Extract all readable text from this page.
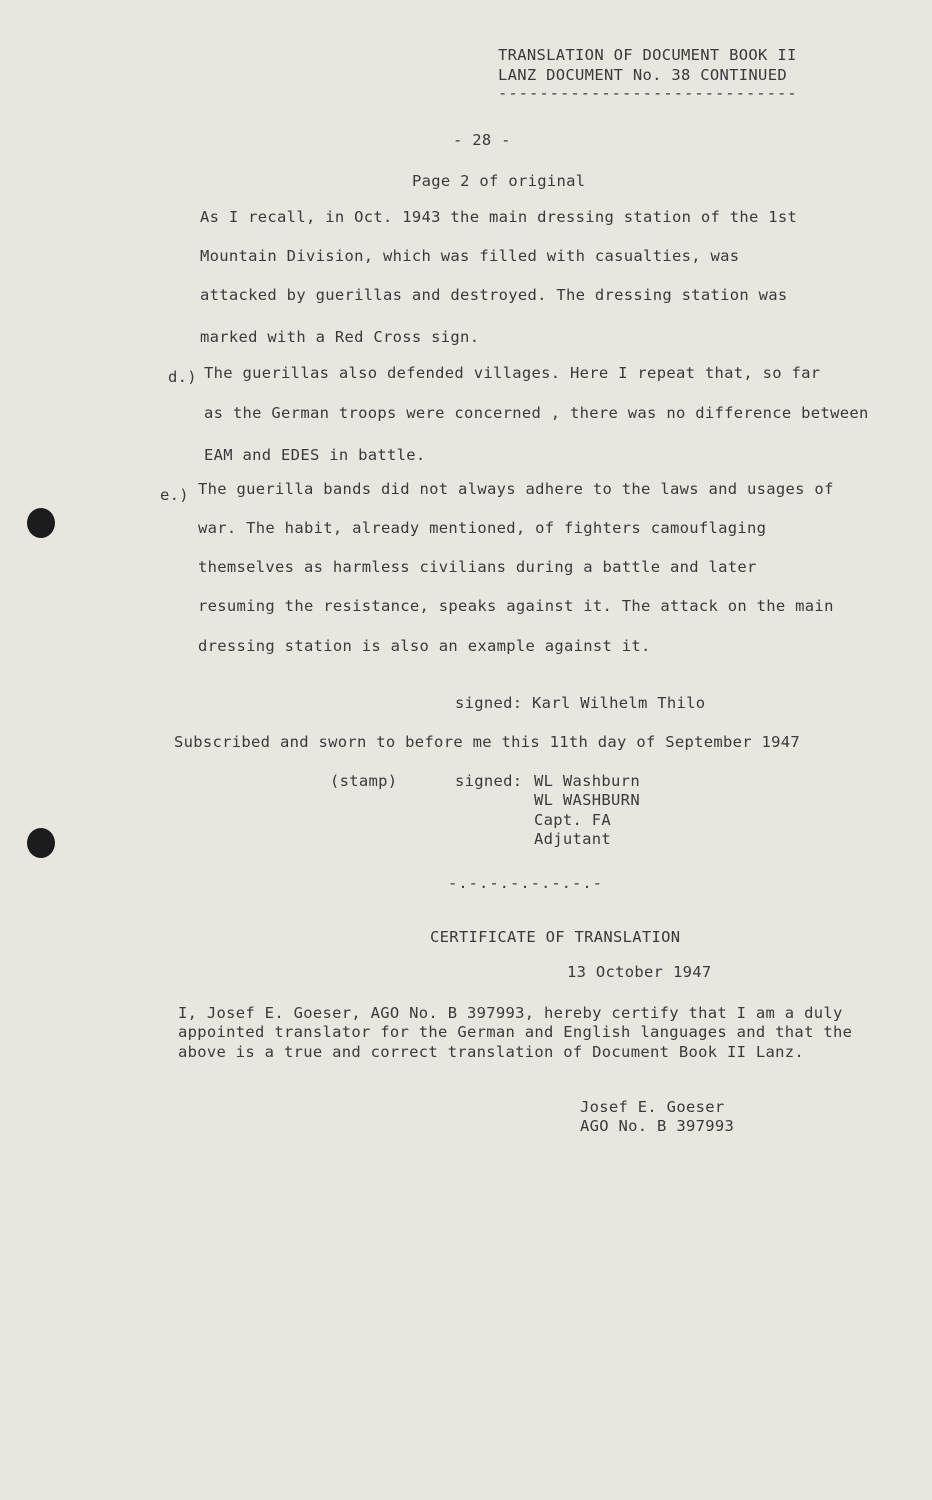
TRANSLATION OF DOCUMENT BOOK II
LANZ DOCUMENT No. 38 CONTINUED
-----------------------------
- 28 -
Page 2 of original
As I recall, in Oct. 1943 the main dressing station of the 1st
Mountain Division, which was filled with casualties, was
attacked by guerillas and destroyed. The dressing station was
marked with a Red Cross sign.
d.) The guerillas also defended villages. Here I repeat that, so far
as the German troops were concerned , there was no difference between
EAM and EDES in battle.
e.) The guerilla bands did not always adhere to the laws and usages of
war. The habit, already mentioned, of fighters camouflaging
themselves as harmless civilians during a battle and later
resuming the resistance, speaks against it. The attack on the main
dressing station is also an example against it.
signed: Karl Wilhelm Thilo
Subscribed and sworn to before me this 11th day of September 1947
(stamp)	signed: WL Washburn
WL WASHBURN
Capt. FA
Adjutant
-.-.-.-.-.-.-.-
CERTIFICATE OF TRANSLATION
13 October 1947
I, Josef E. Goeser, AGO No. B 397993, hereby certify that I am a duly
appointed translator for the German and English languages and that the
above is a true and correct translation of Document Book II Lanz.
Josef E. Goeser
AGO No. B 397993
